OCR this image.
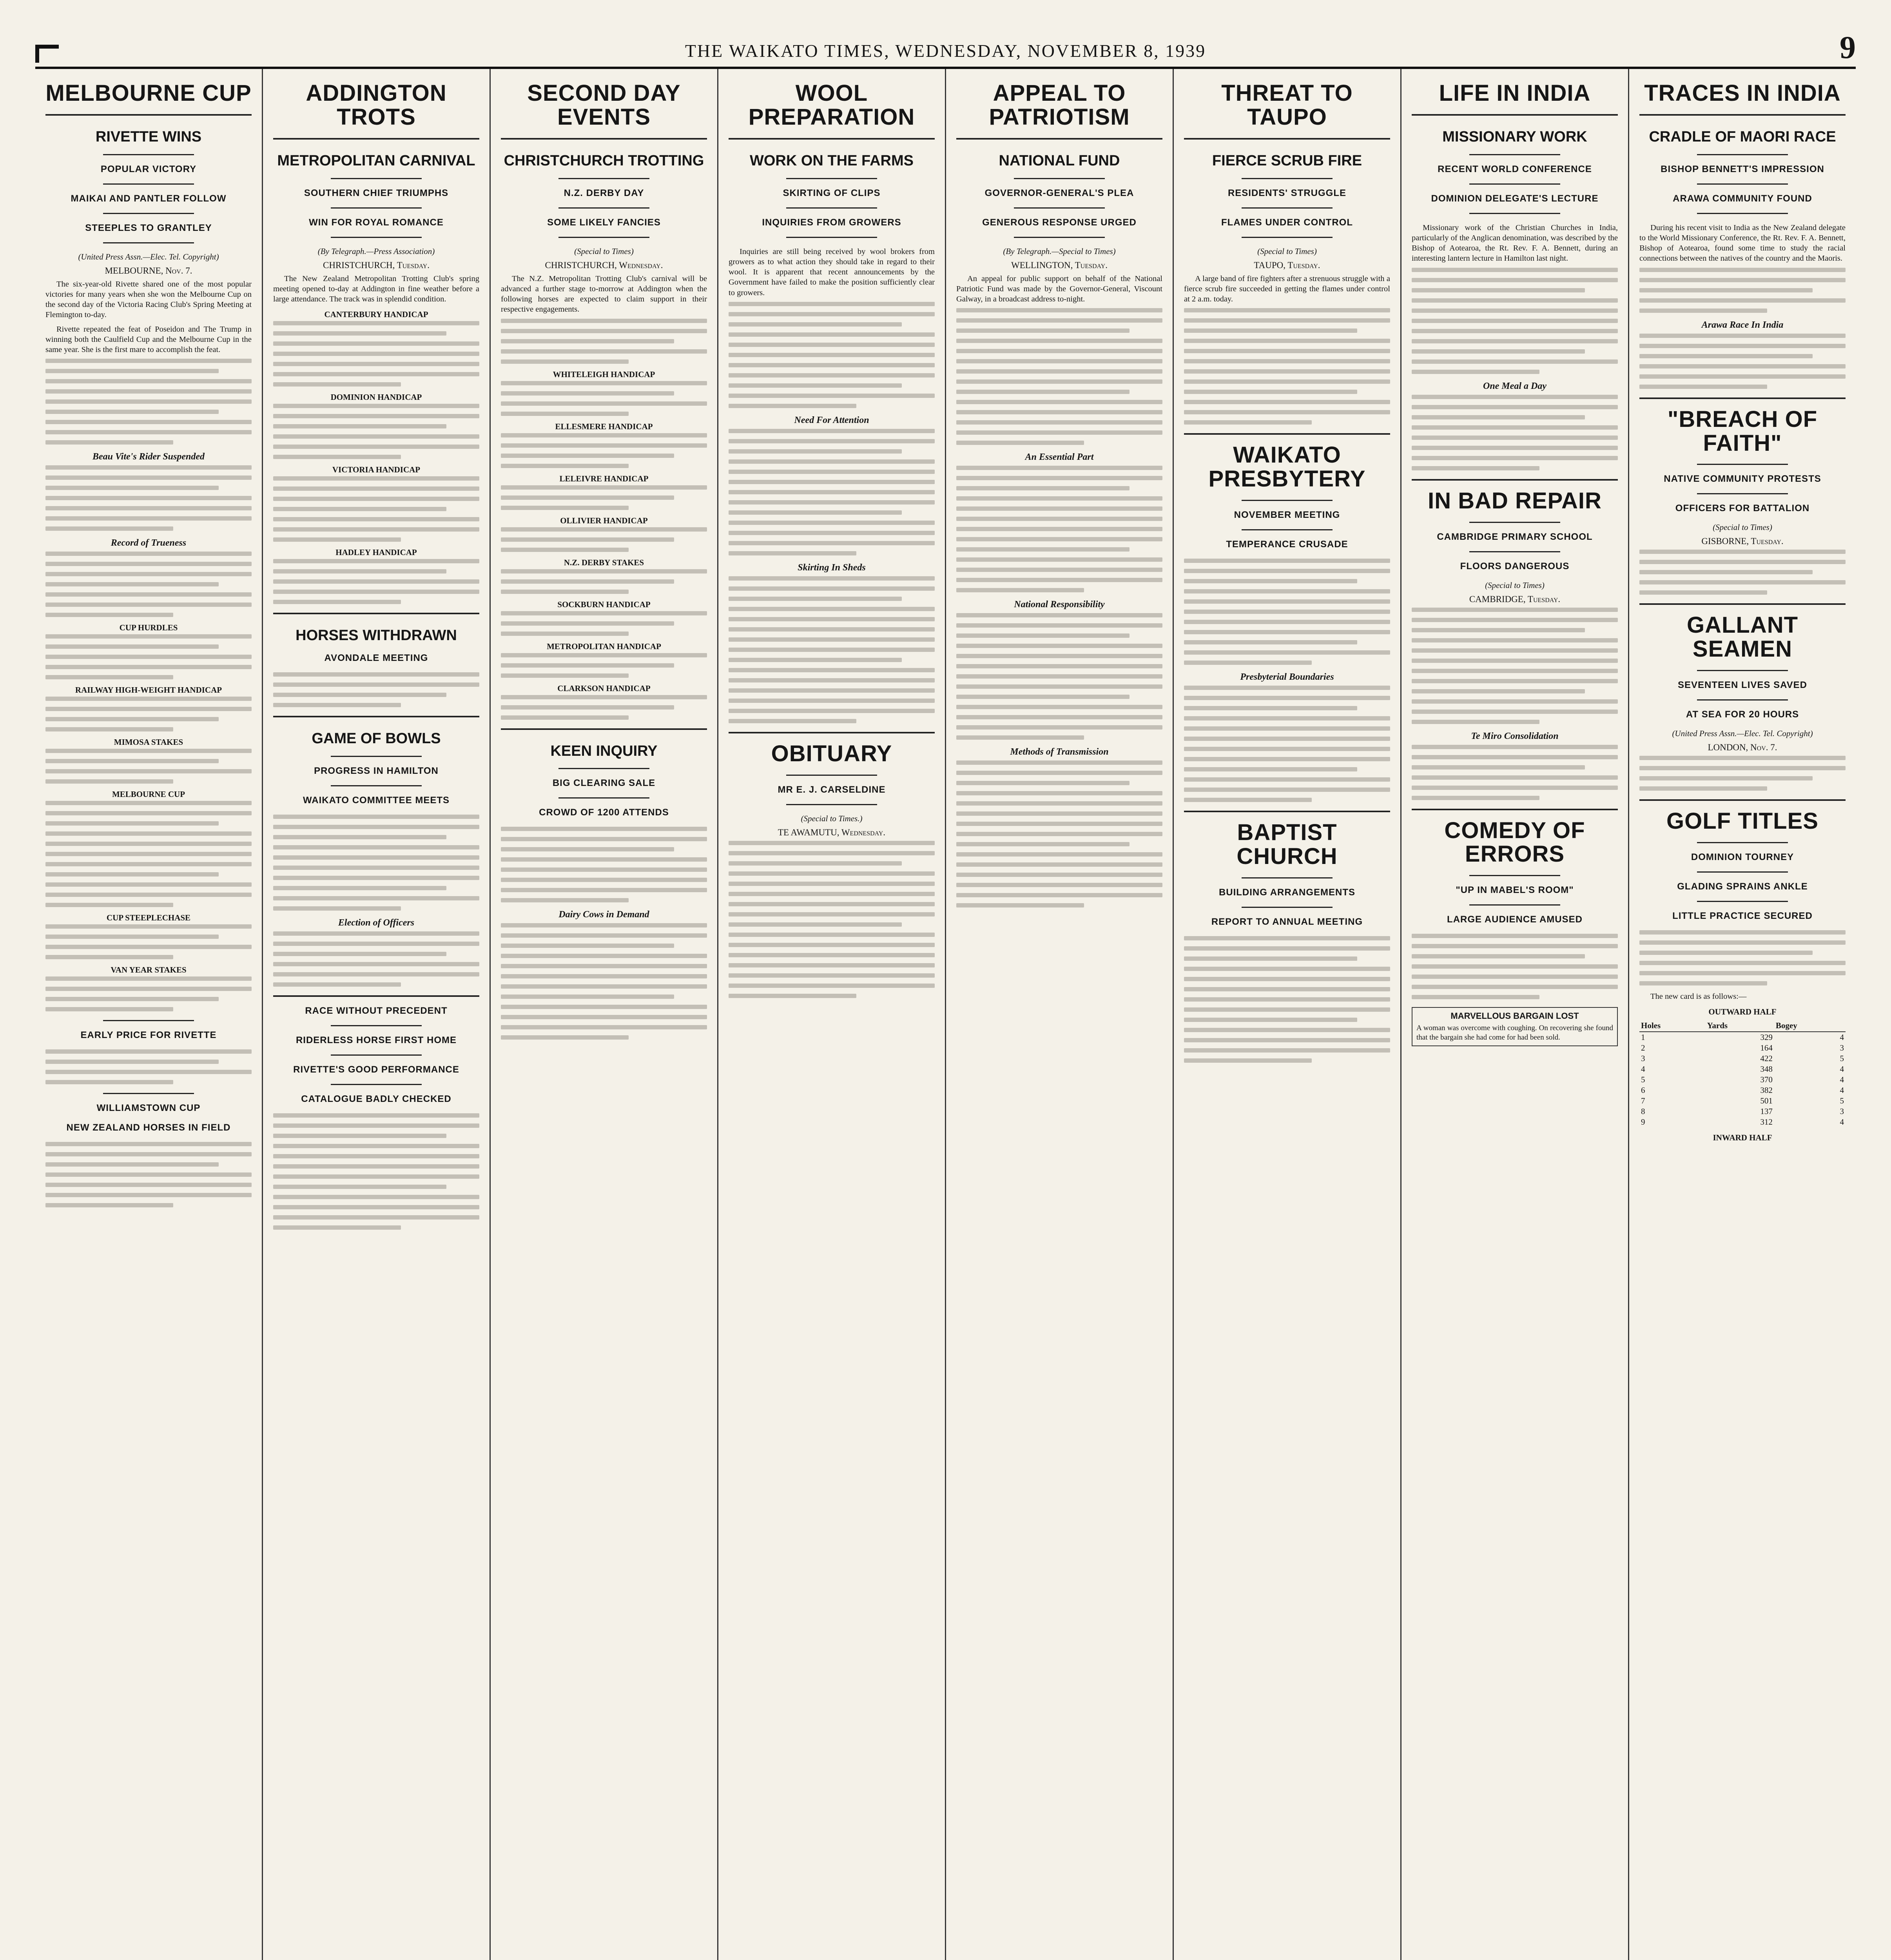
THE WAIKATO TIMES, WEDNESDAY, NOVEMBER 8, 1939	9
MELBOURNE CUP
RIVETTE WINS
POPULAR VICTORY
MAIKAI AND PANTLER FOLLOW
STEEPLES TO GRANTLEY
(United Press Assn.—Elec. Tel. Copyright)
MELBOURNE, Nov. 7.

The six-year-old Rivette shared one of the most popular victories for many years when she won the Melbourne Cup on the second day of the Victoria Racing Club's Spring Meeting at Flemington to-day.

Rivette repeated the feat of Poseidon and The Trump in winning both the Caulfield Cup and the Melbourne Cup in the same year. She is the first mare to accomplish the feat.

Beau Vite's Rider Suspended
Record of Trueness
CUP HURDLES
RAILWAY HIGH-WEIGHT HANDICAP
MIMOSA STAKES
MELBOURNE CUP
CUP STEEPLECHASE
VAN YEAR STAKES
EARLY PRICE FOR RIVETTE
WILLIAMSTOWN CUP
NEW ZEALAND HORSES IN FIELD
ADDINGTON TROTS
METROPOLITAN CARNIVAL
SOUTHERN CHIEF TRIUMPHS
WIN FOR ROYAL ROMANCE
(By Telegraph.—Press Association)
CHRISTCHURCH, Tuesday.

The New Zealand Metropolitan Trotting Club's spring meeting opened to-day at Addington in fine weather before a large attendance. The track was in splendid condition.

CANTERBURY HANDICAP
DOMINION HANDICAP
VICTORIA HANDICAP
HADLEY HANDICAP
HORSES WITHDRAWN
AVONDALE MEETING
GAME OF BOWLS
PROGRESS IN HAMILTON
WAIKATO COMMITTEE MEETS
Election of Officers
RACE WITHOUT PRECEDENT
RIDERLESS HORSE FIRST HOME
RIVETTE'S GOOD PERFORMANCE
CATALOGUE BADLY CHECKED
SECOND DAY EVENTS
CHRISTCHURCH TROTTING
N.Z. DERBY DAY
SOME LIKELY FANCIES
(Special to Times)
CHRISTCHURCH, Wednesday.

The N.Z. Metropolitan Trotting Club's carnival will be advanced a further stage to-morrow at Addington when the following horses are expected to claim support in their respective engagements.

WHITELEIGH HANDICAP
ELLESMERE HANDICAP
LELEIVRE HANDICAP
OLLIVIER HANDICAP
N.Z. DERBY STAKES
SOCKBURN HANDICAP
METROPOLITAN HANDICAP
CLARKSON HANDICAP
KEEN INQUIRY
BIG CLEARING SALE
CROWD OF 1200 ATTENDS
Dairy Cows in Demand
WOOL PREPARATION
WORK ON THE FARMS
SKIRTING OF CLIPS
INQUIRIES FROM GROWERS

Inquiries are still being received by wool brokers from growers as to what action they should take in regard to their wool. It is apparent that recent announcements by the Government have failed to make the position sufficiently clear to growers.

Need For Attention
Skirting In Sheds
OBITUARY
MR E. J. CARSELDINE
(Special to Times.)
TE AWAMUTU, Wednesday.
APPEAL TO PATRIOTISM
NATIONAL FUND
GOVERNOR-GENERAL'S PLEA
GENEROUS RESPONSE URGED
(By Telegraph.—Special to Times)
WELLINGTON, Tuesday.

An appeal for public support on behalf of the National Patriotic Fund was made by the Governor-General, Viscount Galway, in a broadcast address to-night.

An Essential Part
National Responsibility
Methods of Transmission
THREAT TO TAUPO
FIERCE SCRUB FIRE
RESIDENTS' STRUGGLE
FLAMES UNDER CONTROL
(Special to Times)
TAUPO, Tuesday.

A large band of fire fighters after a strenuous struggle with a fierce scrub fire succeeded in getting the flames under control at 2 a.m. today.

WAIKATO PRESBYTERY
NOVEMBER MEETING
TEMPERANCE CRUSADE
Presbyterial Boundaries
BAPTIST CHURCH
BUILDING ARRANGEMENTS
REPORT TO ANNUAL MEETING
LIFE IN INDIA
MISSIONARY WORK
RECENT WORLD CONFERENCE
DOMINION DELEGATE'S LECTURE

Missionary work of the Christian Churches in India, particularly of the Anglican denomination, was described by the Bishop of Aotearoa, the Rt. Rev. F. A. Bennett, during an interesting lantern lecture in Hamilton last night.

One Meal a Day
IN BAD REPAIR
CAMBRIDGE PRIMARY SCHOOL
FLOORS DANGEROUS
(Special to Times)
CAMBRIDGE, Tuesday.
Te Miro Consolidation
COMEDY OF ERRORS
"UP IN MABEL'S ROOM"
LARGE AUDIENCE AMUSED
MARVELLOUS BARGAIN LOST

A woman was overcome with coughing. On recovering she found that the bargain she had come for had been sold.

TRACES IN INDIA
CRADLE OF MAORI RACE
BISHOP BENNETT'S IMPRESSION
ARAWA COMMUNITY FOUND

During his recent visit to India as the New Zealand delegate to the World Missionary Conference, the Rt. Rev. F. A. Bennett, Bishop of Aotearoa, found some time to study the racial connections between the natives of the country and the Maoris.

Arawa Race In India
"BREACH OF FAITH"
NATIVE COMMUNITY PROTESTS
OFFICERS FOR BATTALION
(Special to Times)
GISBORNE, Tuesday.
GALLANT SEAMEN
SEVENTEEN LIVES SAVED
AT SEA FOR 20 HOURS
(United Press Assn.—Elec. Tel. Copyright)
LONDON, Nov. 7.
GOLF TITLES
DOMINION TOURNEY
GLADING SPRAINS ANKLE
LITTLE PRACTICE SECURED

The new card is as follows:—

OUTWARD HALF
Holes	Yards	Bogey
1	329	4
2	164	3
3	422	5
4	348	4
5	370	4
6	382	4
7	501	5
8	137	3
9	312	4
INWARD HALF
